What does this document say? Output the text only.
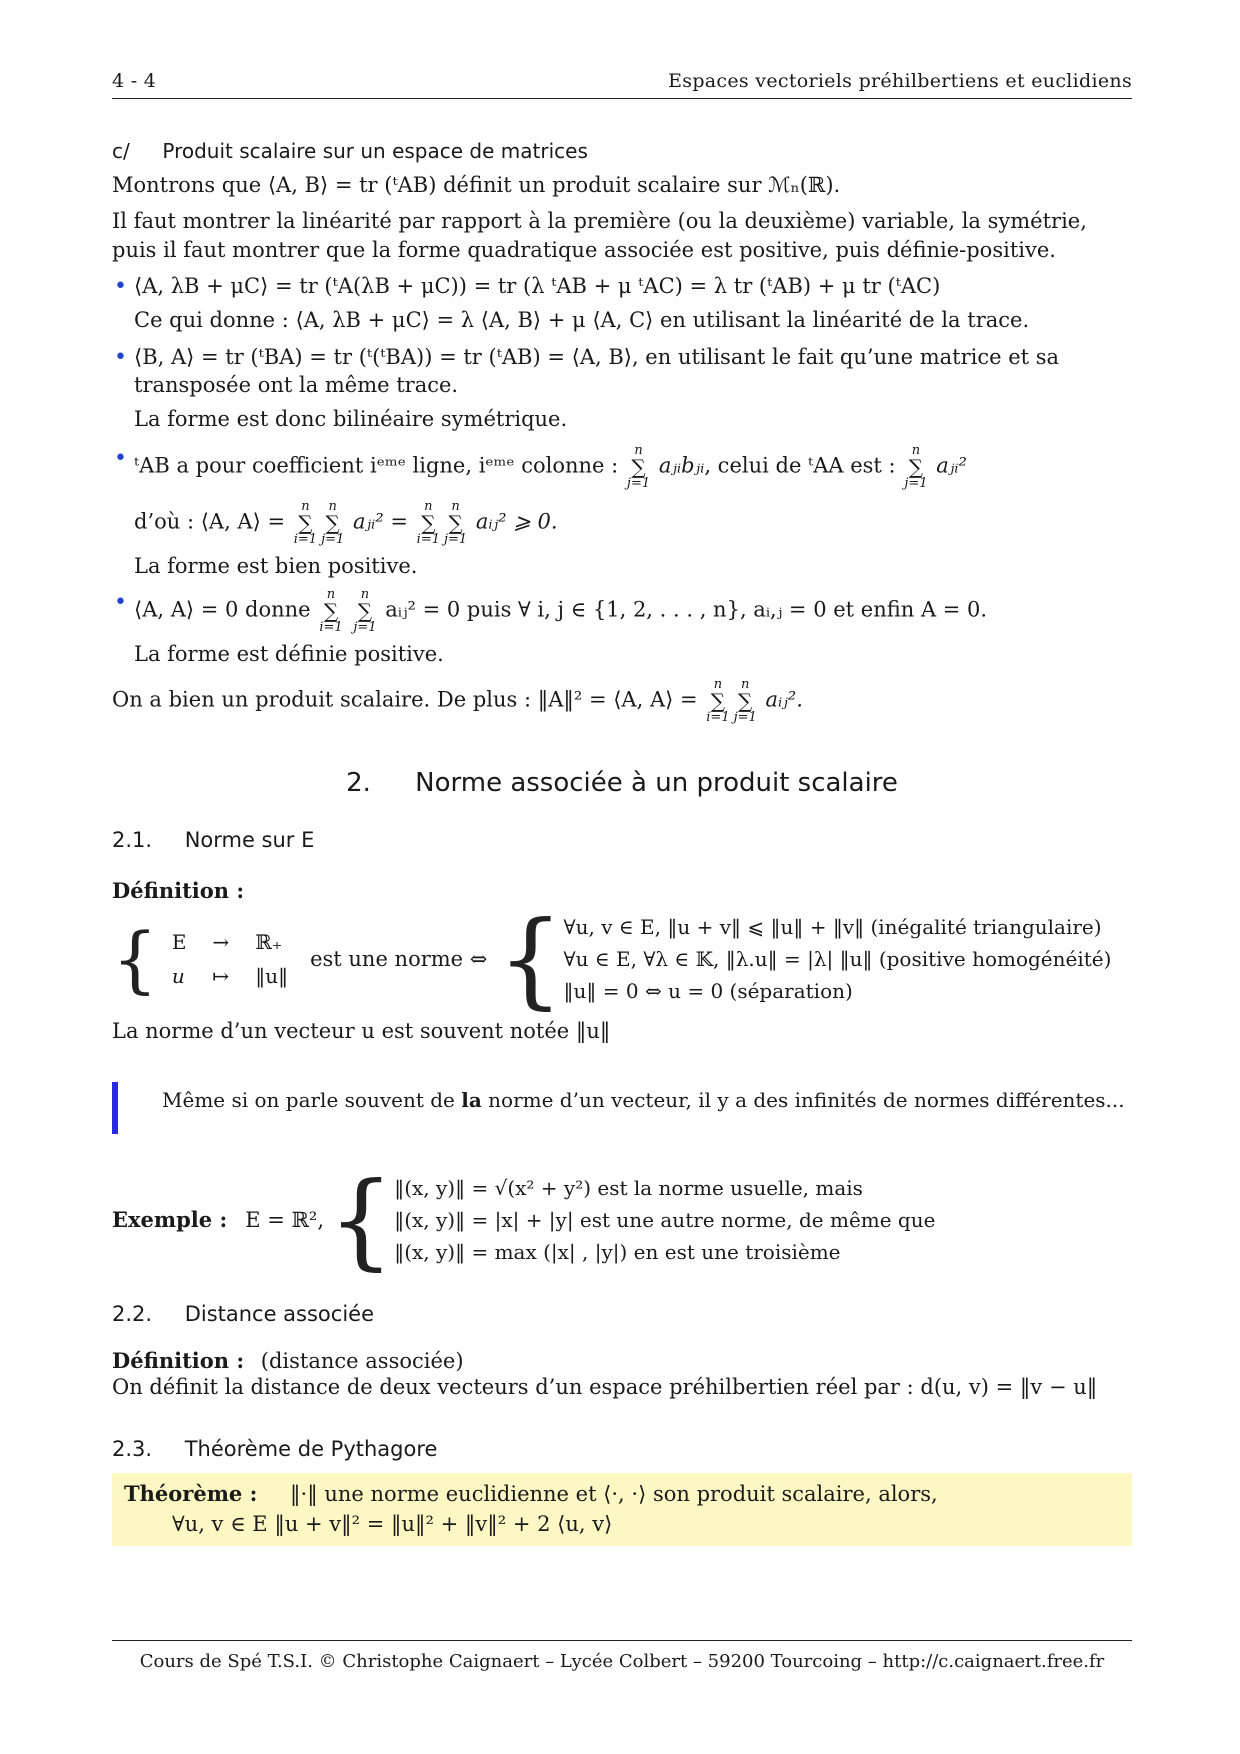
4 - 4	Espaces vectoriels préhilbertiens et euclidiens
c/ Produit scalaire sur un espace de matrices

Montrons que ⟨A, B⟩ = tr (ᵗAB) définit un produit scalaire sur ℳₙ(ℝ).

Il faut montrer la linéarité par rapport à la première (ou la deuxième) variable, la symétrie, puis il faut montrer que la forme quadratique associée est positive, puis définie-positive.

• ⟨A, λB + μC⟩ = tr (ᵗA(λB + μC)) = tr (λ ᵗAB + μ ᵗAC) = λ tr (ᵗAB) + μ tr (ᵗAC)

Ce qui donne : ⟨A, λB + μC⟩ = λ ⟨A, B⟩ + μ ⟨A, C⟩ en utilisant la linéarité de la trace.

• ⟨B, A⟩ = tr (ᵗBA) = tr (ᵗ(ᵗBA)) = tr (ᵗAB) = ⟨A, B⟩, en utilisant le fait qu’une matrice et sa transposée ont la même trace.

La forme est donc bilinéaire symétrique.

• ᵗAB a pour coefficient iᵉᵐᵉ ligne, iᵉᵐᵉ colonne :
n
∑
j=1
aⱼᵢbⱼᵢ, celui de ᵗAA est :
n
∑
j=1
aⱼᵢ²
d’où : ⟨A, A⟩ =
n
∑
i=1
n
∑
j=1
aⱼᵢ² =
n
∑
i=1
n
∑
j=1
aᵢⱼ² ⩾ 0.

La forme est bien positive.

• ⟨A, A⟩ = 0 donne
n
∑
i=1

n
∑
j=1
aᵢⱼ² = 0 puis ∀ i, j ∈ {1, 2, . . . , n}, aᵢ,ⱼ = 0 et enfin A = 0.

La forme est définie positive.

On a bien un produit scalaire. De plus : ‖A‖² = ⟨A, A⟩ =
n
∑
i=1
n
∑
j=1
aᵢⱼ².
2. Norme associée à un produit scalaire
2.1. Norme sur E
Définition :
{ E	→	ℝ₊
u	↦	‖u‖
est une norme ⇔ { ∀u, v ∈ E, ‖u + v‖ ⩽ ‖u‖ + ‖v‖ (inégalité triangulaire)
∀u ∈ E, ∀λ ∈ 𝕂, ‖λ.u‖ = |λ| ‖u‖ (positive homogénéité)
‖u‖ = 0 ⇔ u = 0 (séparation)

La norme d’un vecteur u est souvent notée ‖u‖

Même si on parle souvent de la norme d’un vecteur, il y a des infinités de normes différentes...
Exemple : E = ℝ², { ‖(x, y)‖ = √(x² + y²) est la norme usuelle, mais
‖(x, y)‖ = |x| + |y| est une autre norme, de même que
‖(x, y)‖ = max (|x| , |y|) en est une troisième
2.2. Distance associée
Définition : (distance associée)

On définit la distance de deux vecteurs d’un espace préhilbertien réel par : d(u, v) = ‖v − u‖

2.3. Théorème de Pythagore
Théorème : ‖·‖ une norme euclidienne et ⟨·, ·⟩ son produit scalaire, alors,
∀u, v ∈ E ‖u + v‖² = ‖u‖² + ‖v‖² + 2 ⟨u, v⟩
Cours de Spé T.S.I. © Christophe Caignaert – Lycée Colbert – 59200 Tourcoing – http://c.caignaert.free.fr
